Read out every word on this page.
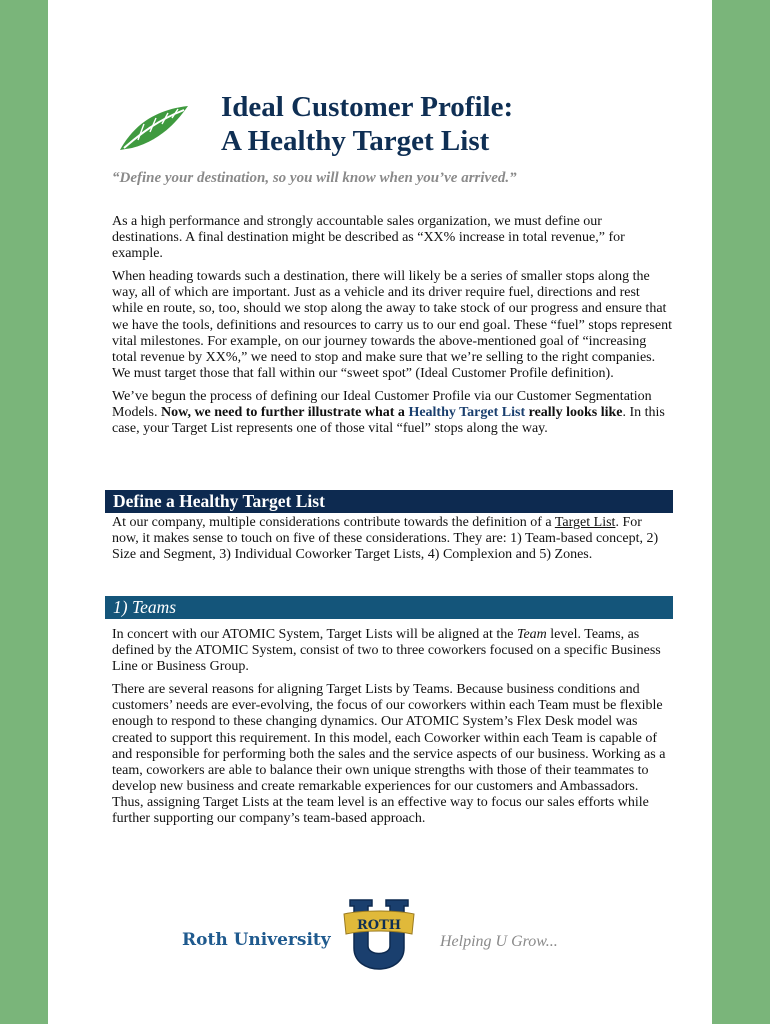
Ideal Customer Profile:
A Healthy Target List

“Define your destination, so you will know when you’ve arrived.”

As a high performance and strongly accountable sales organization, we must define our destinations. A final destination might be described as “XX% increase in total revenue,” for example.

When heading towards such a destination, there will likely be a series of smaller stops along the way, all of which are important. Just as a vehicle and its driver require fuel, directions and rest while en route, so, too, should we stop along the away to take stock of our progress and ensure that we have the tools, definitions and resources to carry us to our end goal. These “fuel” stops represent vital milestones. For example, on our journey towards the above-mentioned goal of “increasing total revenue by XX%,” we need to stop and make sure that we’re selling to the right companies. We must target those that fall within our “sweet spot” (Ideal Customer Profile definition).

We’ve begun the process of defining our Ideal Customer Profile via our Customer Segmentation Models. Now, we need to further illustrate what a Healthy Target List really looks like. In this case, your Target List represents one of those vital “fuel” stops along the way.

Define a Healthy Target List

At our company, multiple considerations contribute towards the definition of a Target List. For now, it makes sense to touch on five of these considerations. They are: 1) Team-based concept, 2) Size and Segment, 3) Individual Coworker Target Lists, 4) Complexion and 5) Zones.

1) Teams

In concert with our ATOMIC System, Target Lists will be aligned at the Team level. Teams, as defined by the ATOMIC System, consist of two to three coworkers focused on a specific Business Line or Business Group.

There are several reasons for aligning Target Lists by Teams. Because business conditions and customers’ needs are ever-evolving, the focus of our coworkers within each Team must be flexible enough to respond to these changing dynamics. Our ATOMIC System’s Flex Desk model was created to support this requirement. In this model, each Coworker within each Team is capable of and responsible for performing both the sales and the service aspects of our business. Working as a team, coworkers are able to balance their own unique strengths with those of their teammates to develop new business and create remarkable experiences for our customers and Ambassadors. Thus, assigning Target Lists at the team level is an effective way to focus our sales efforts while further supporting our company’s team-based approach.

Roth University
ROTH
Helping U Grow...
